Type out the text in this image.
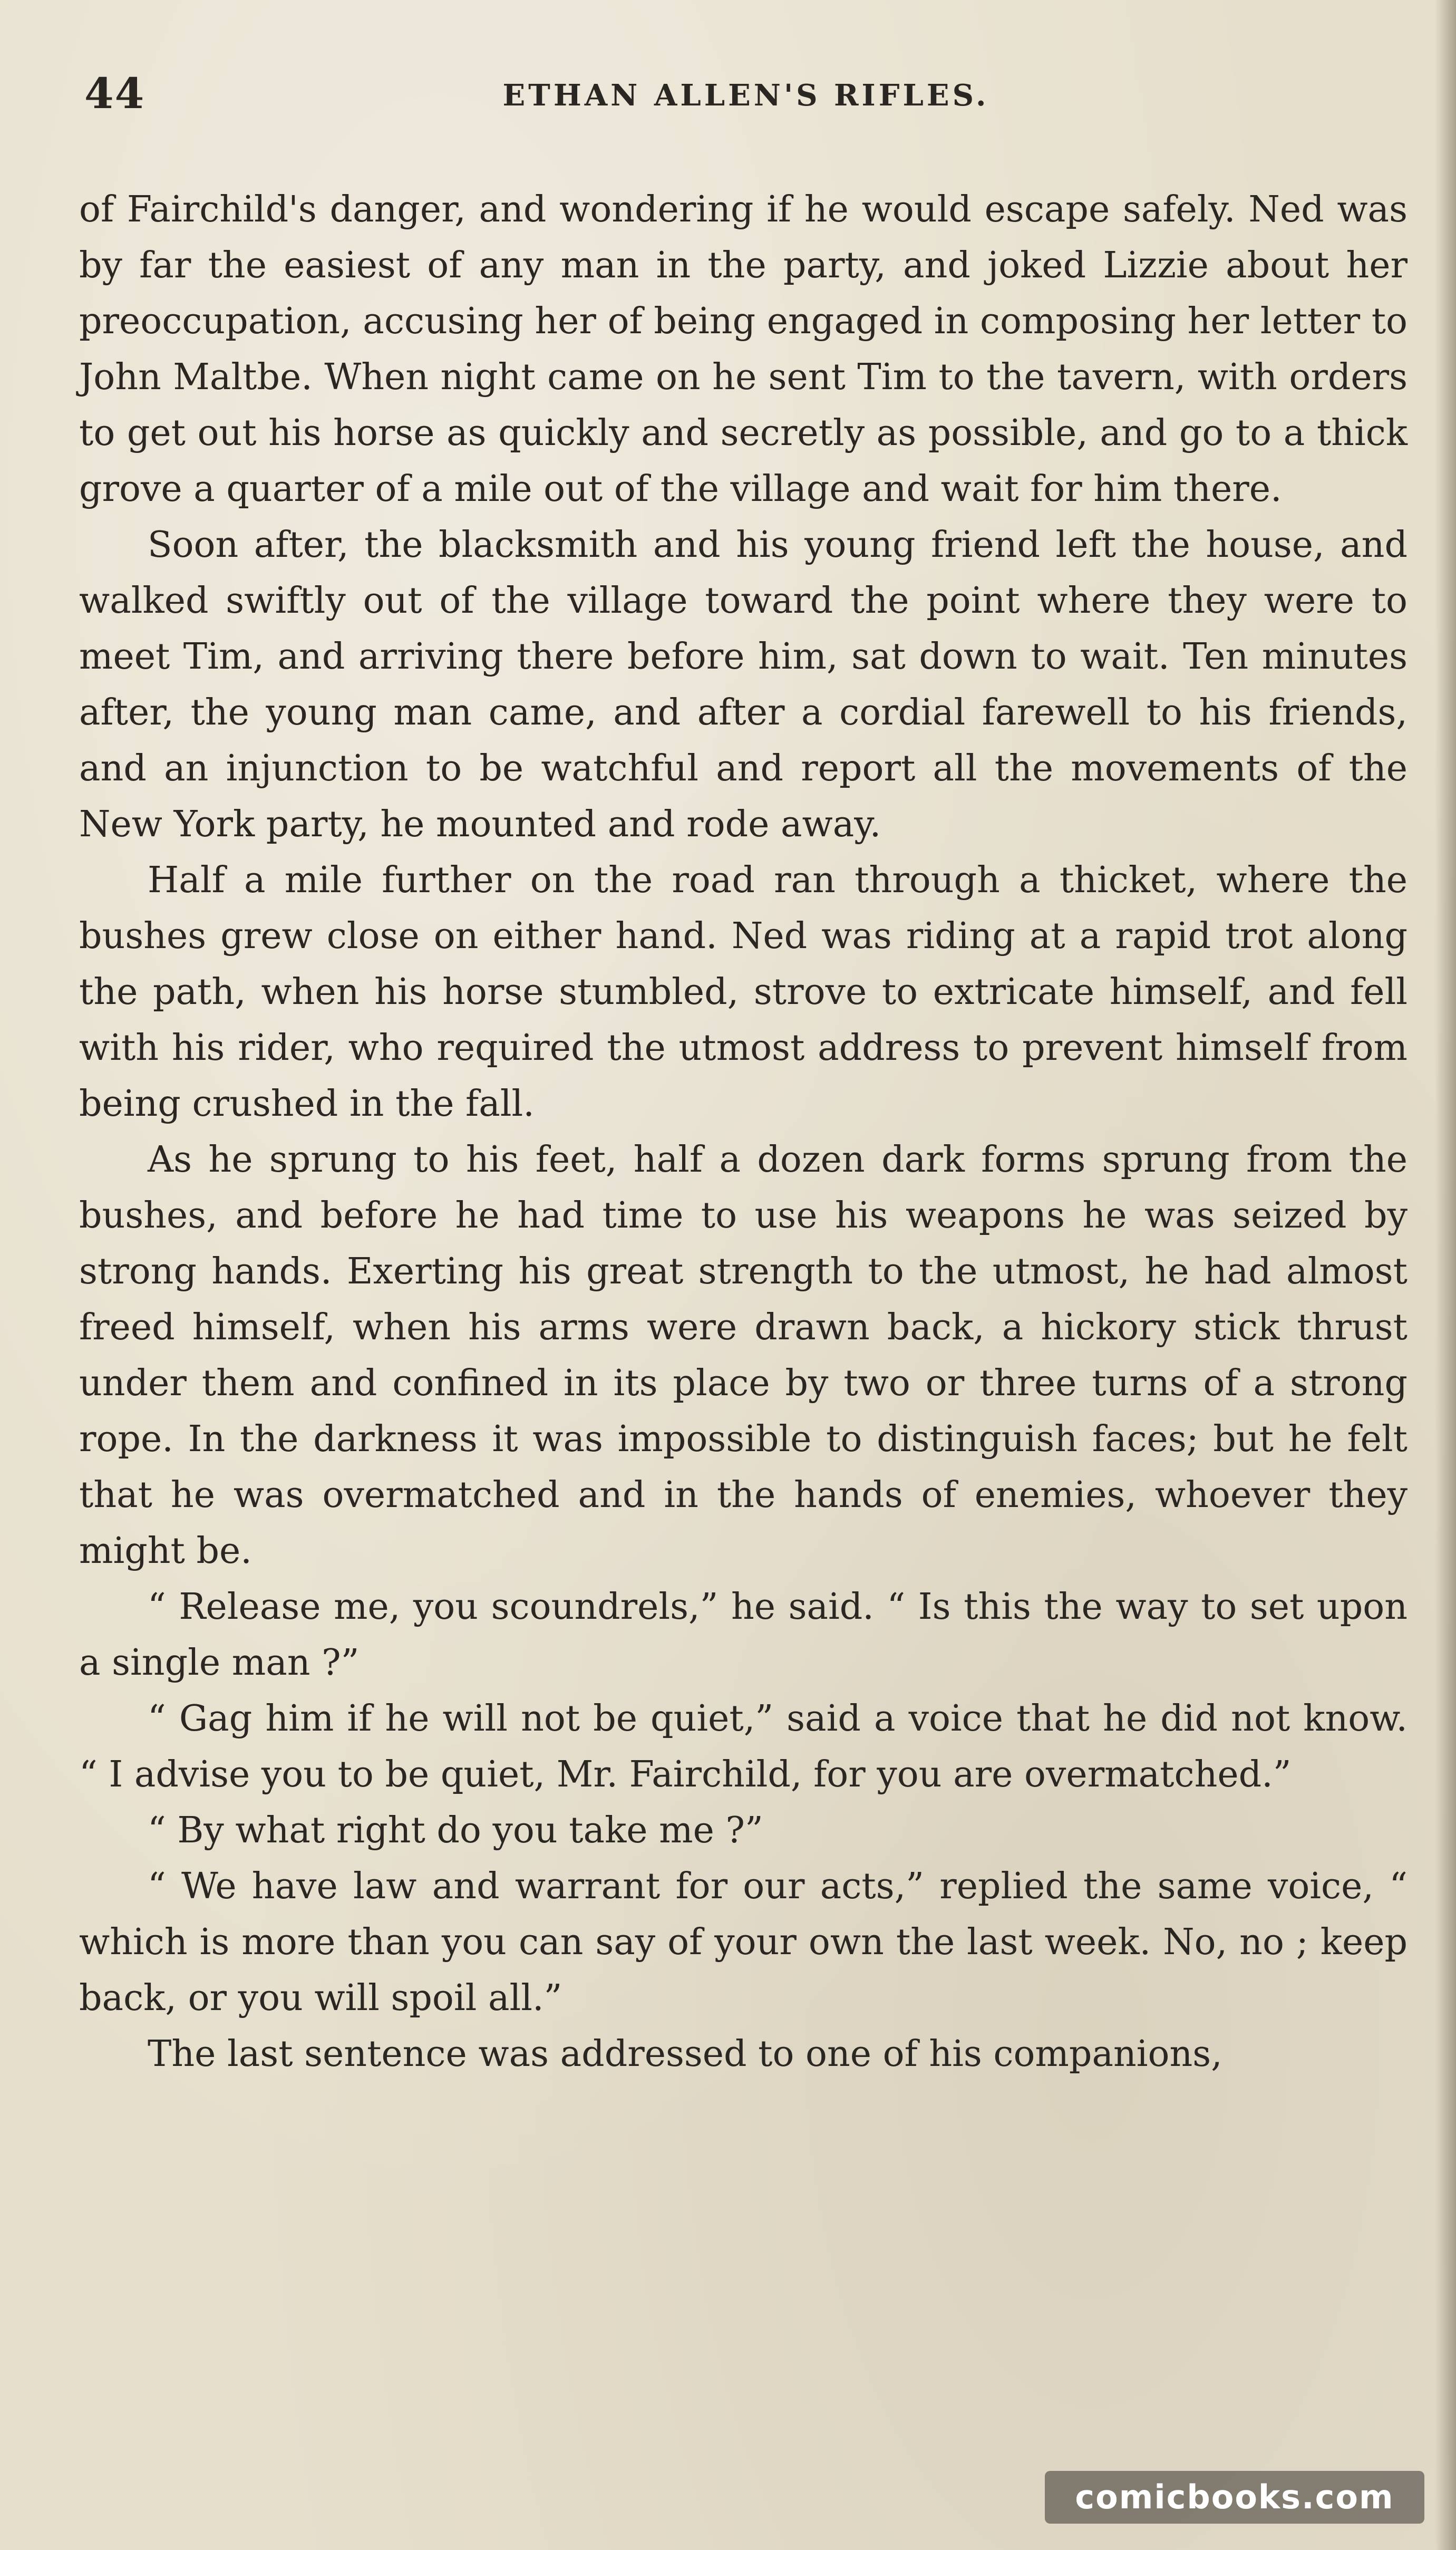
44	ETHAN ALLEN'S RIFLES.

of Fairchild's danger, and wondering if he would escape safely. Ned was by far the easiest of any man in the party, and joked Lizzie about her preoccupation, accusing her of being engaged in composing her letter to John Maltbe. When night came on he sent Tim to the tavern, with orders to get out his horse as quickly and secretly as possible, and go to a thick grove a quarter of a mile out of the village and wait for him there.

Soon after, the blacksmith and his young friend left the house, and walked swiftly out of the village toward the point where they were to meet Tim, and arriving there before him, sat down to wait. Ten minutes after, the young man came, and after a cordial farewell to his friends, and an injunction to be watchful and report all the movements of the New York party, he mounted and rode away.

Half a mile further on the road ran through a thicket, where the bushes grew close on either hand. Ned was riding at a rapid trot along the path, when his horse stumbled, strove to extricate himself, and fell with his rider, who required the utmost address to prevent himself from being crushed in the fall.

As he sprung to his feet, half a dozen dark forms sprung from the bushes, and before he had time to use his weapons he was seized by strong hands. Exerting his great strength to the utmost, he had almost freed himself, when his arms were drawn back, a hickory stick thrust under them and confined in its place by two or three turns of a strong rope. In the darkness it was impossible to distinguish faces; but he felt that he was overmatched and in the hands of enemies, whoever they might be.

“ Release me, you scoundrels,” he said. “ Is this the way to set upon a single man ?”

“ Gag him if he will not be quiet,” said a voice that he did not know. “ I advise you to be quiet, Mr. Fairchild, for you are overmatched.”

“ By what right do you take me ?”

“ We have law and warrant for our acts,” replied the same voice, “ which is more than you can say of your own the last week. No, no ; keep back, or you will spoil all.”

The last sentence was addressed to one of his companions,

comicbooks.com
